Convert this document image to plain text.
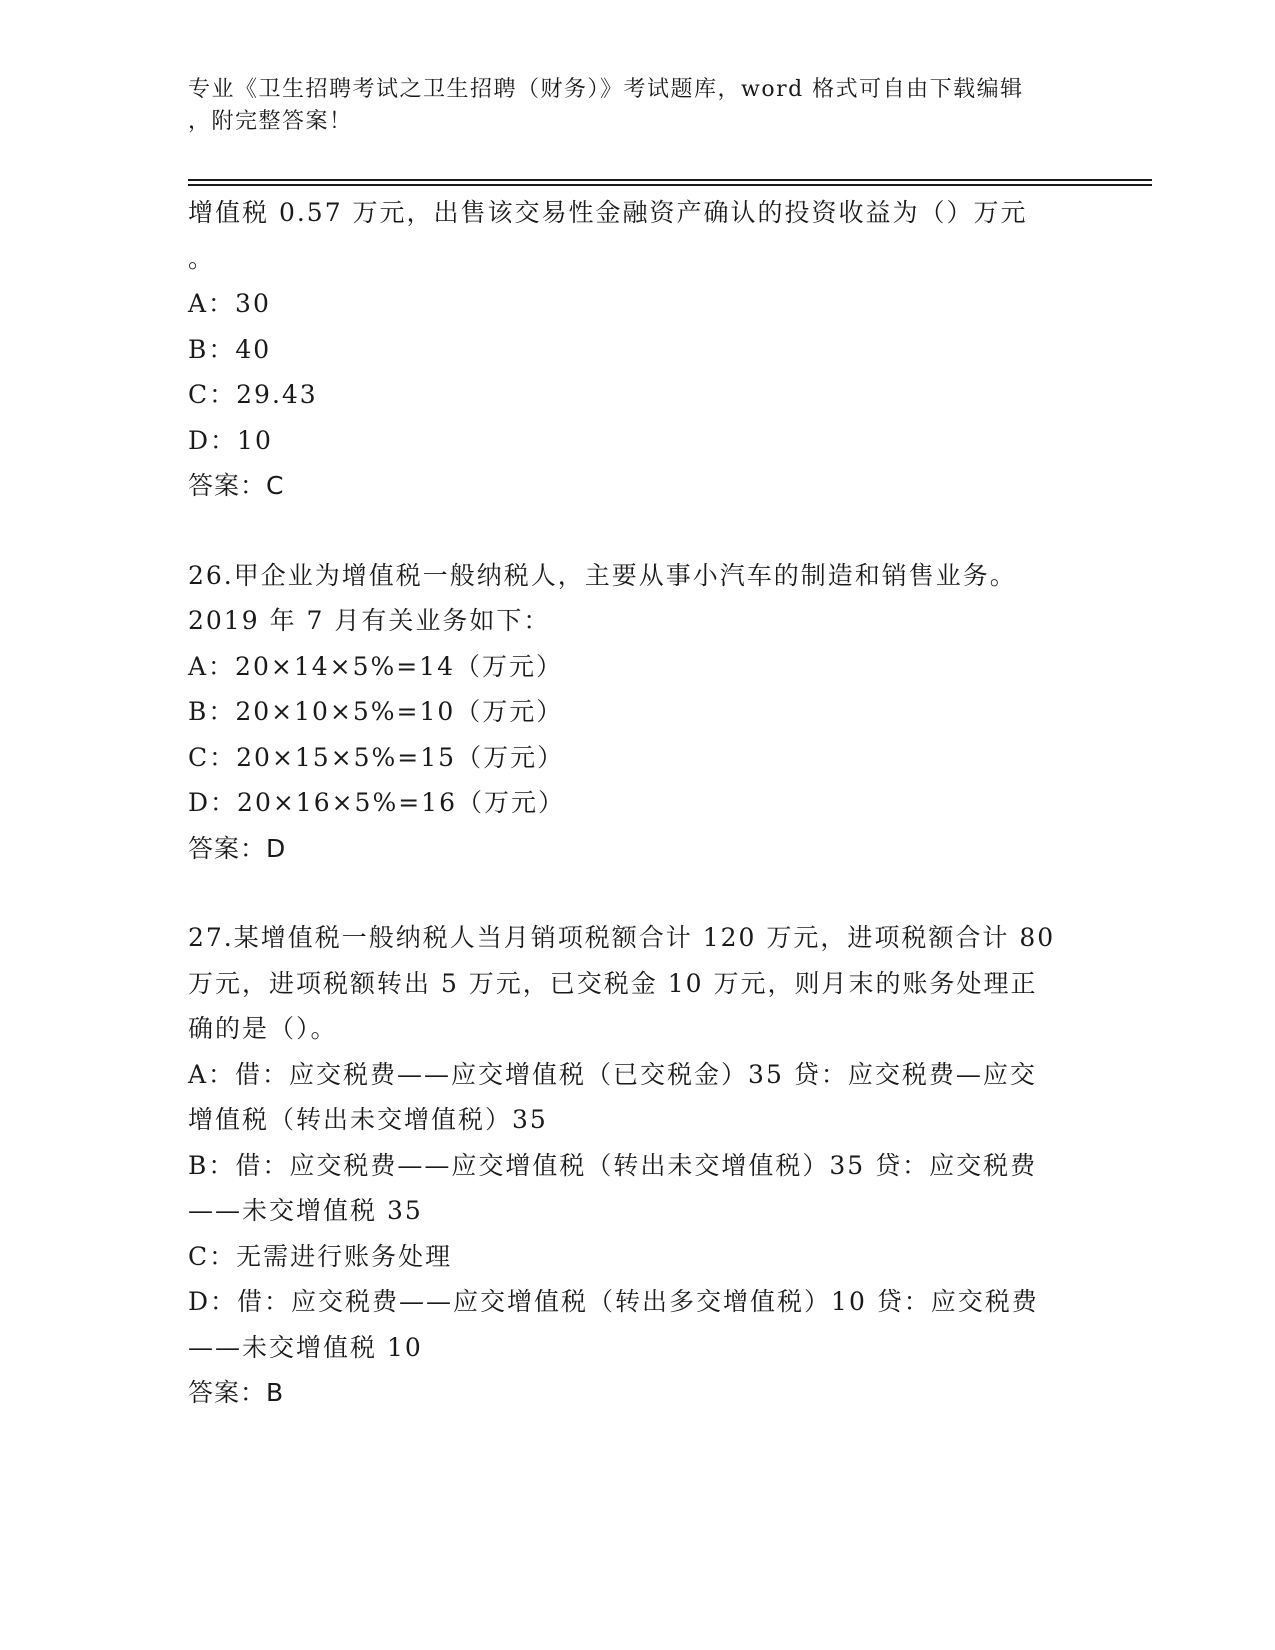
专业《卫生招聘考试之卫生招聘（财务）》考试题库，word 格式可自由下载编辑
，附完整答案！
增值税 0.57 万元，出售该交易性金融资产确认的投资收益为（）万元
。
A：30
B：40
C：29.43
D：10
答案：C
26.甲企业为增值税一般纳税人，主要从事小汽车的制造和销售业务。
2019 年 7 月有关业务如下：
A：20×14×5%=14（万元）
B：20×10×5%=10（万元）
C：20×15×5%=15（万元）
D：20×16×5%=16（万元）
答案：D
27.某增值税一般纳税人当月销项税额合计 120 万元，进项税额合计 80
万元，进项税额转出 5 万元，已交税金 10 万元，则月末的账务处理正
确的是（）。
A：借：应交税费——应交增值税（已交税金）35 贷：应交税费—应交
增值税（转出未交增值税）35
B：借：应交税费——应交增值税（转出未交增值税）35 贷：应交税费
——未交增值税 35
C：无需进行账务处理
D：借：应交税费——应交增值税（转出多交增值税）10 贷：应交税费
——未交增值税 10
答案：B
